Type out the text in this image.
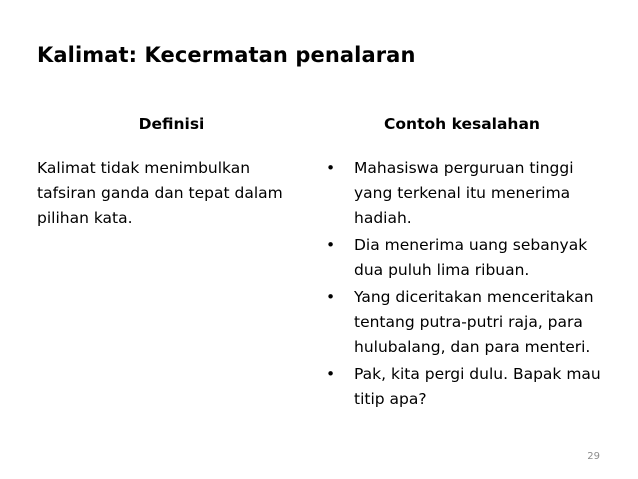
Kalimat: Kecermatan penalaran
Definisi	Contoh kesalahan
Kalimat tidak menimbulkan tafsiran ganda dan tepat dalam pilihan kata.
•	Mahasiswa perguruan tinggi yang terkenal itu menerima hadiah.
•	Dia menerima uang sebanyak dua puluh lima ribuan.
•	Yang diceritakan menceritakan tentang putra-putri raja, para hulubalang, dan para menteri.
•	Pak, kita pergi dulu. Bapak mau titip apa?
29
